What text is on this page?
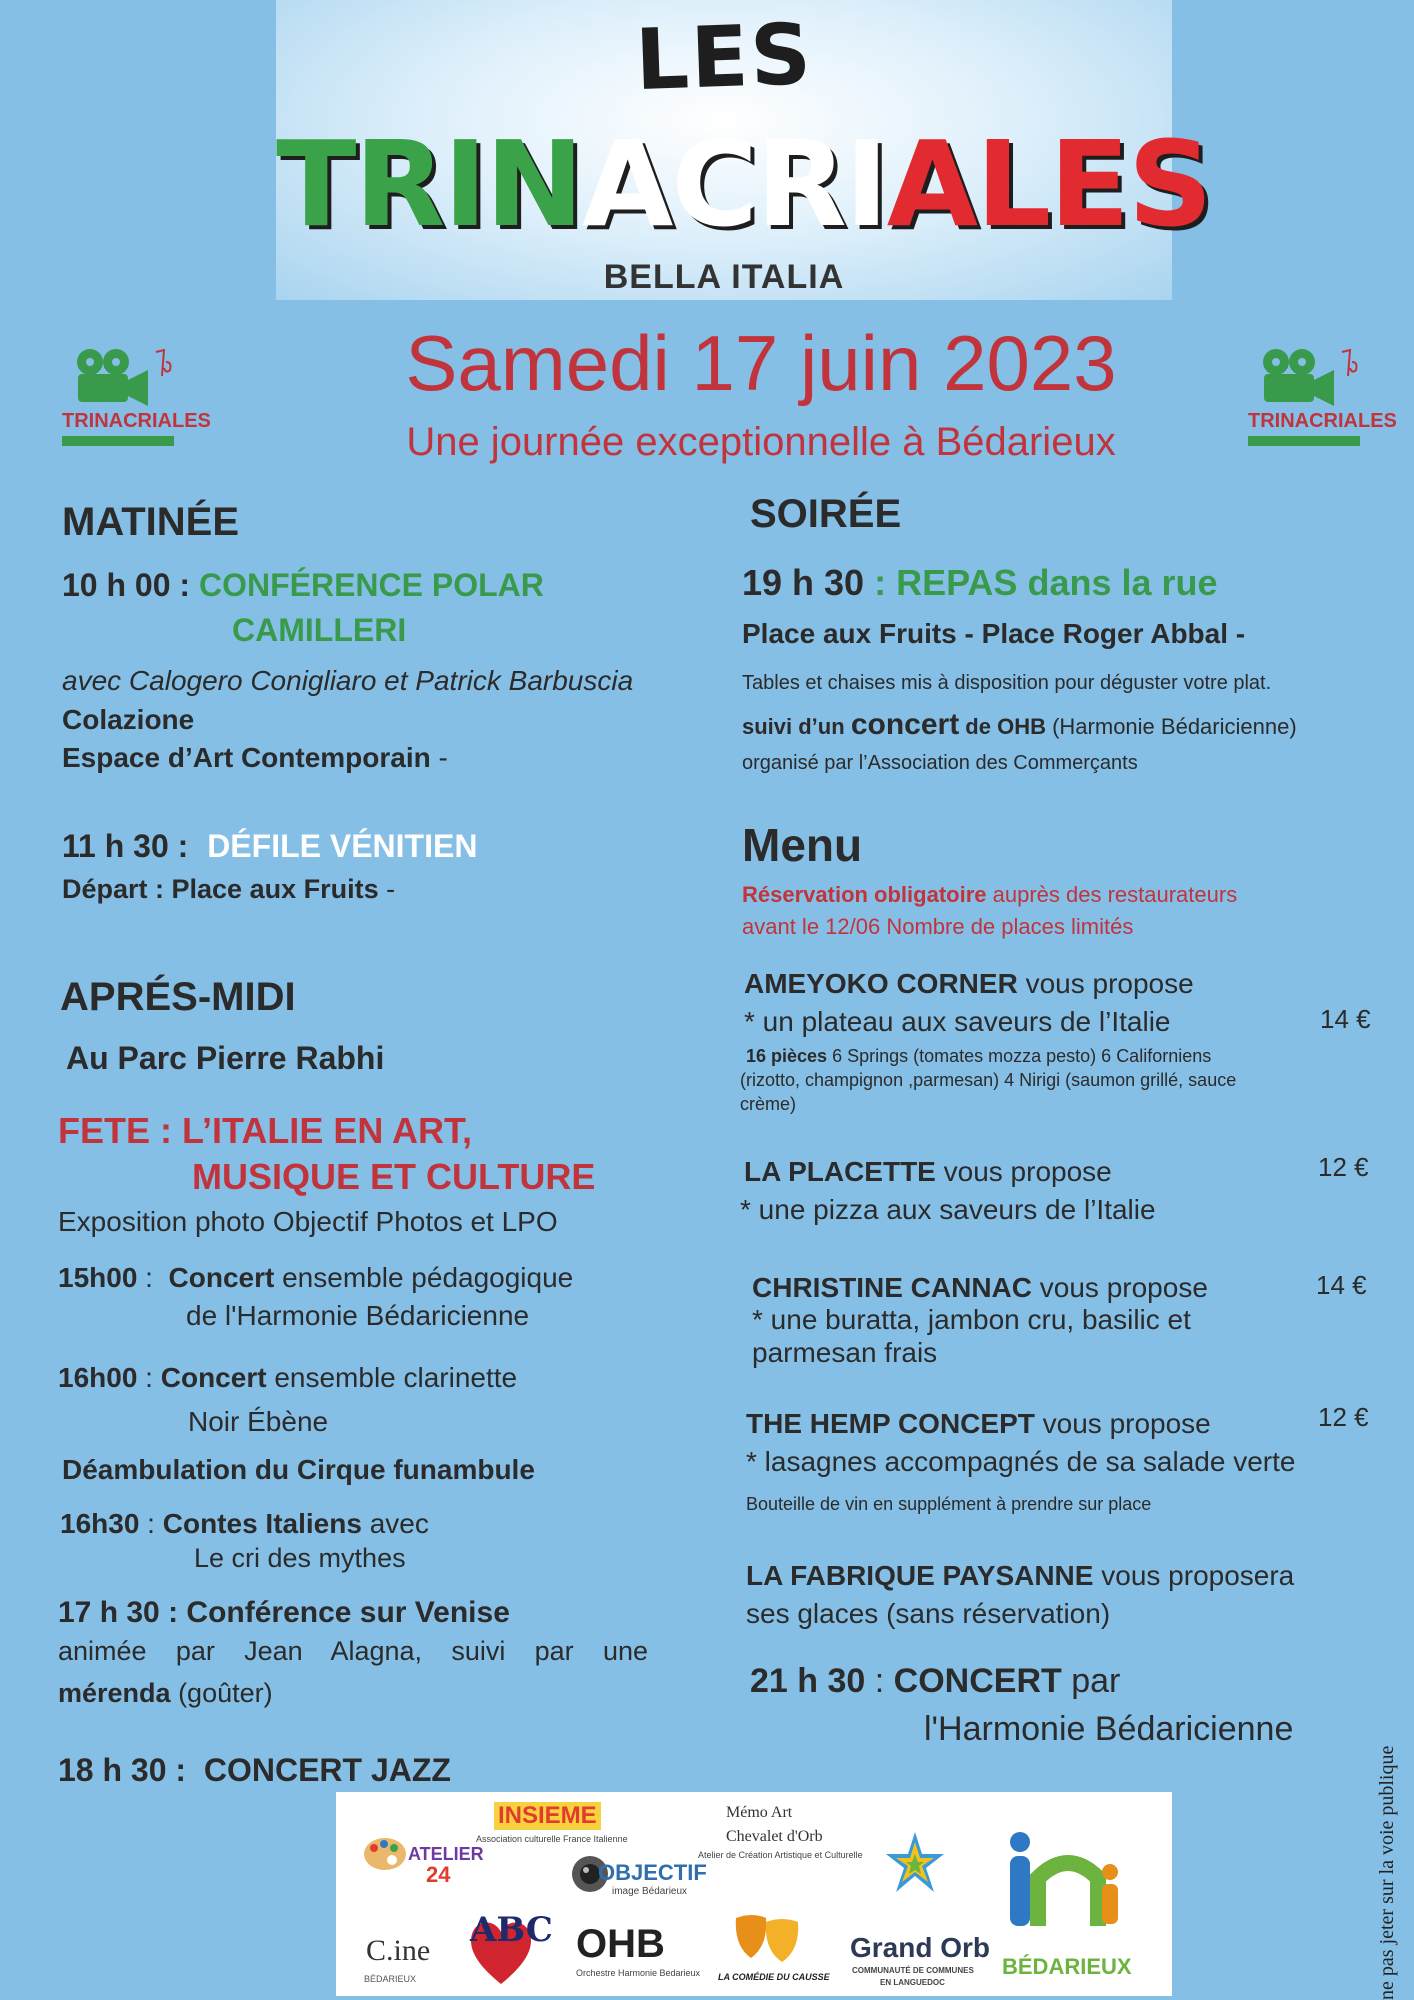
LES
TRINACRIALES
BELLA ITALIA
TRINACRIALES	TRINACRIALES
Samedi 17 juin 2023
Une journée exceptionnelle à Bédarieux
MATINÉE
10 h 00 : CONFÉRENCE POLAR
CAMILLERI
avec Calogero Conigliaro et Patrick Barbuscia
Colazione
Espace d’Art Contemporain -
11 h 30 : DÉFILE VÉNITIEN
Départ : Place aux Fruits -
APRÉS-MIDI
Au Parc Pierre Rabhi
FETE : L’ITALIE EN ART,
MUSIQUE ET CULTURE
Exposition photo Objectif Photos et LPO
15h00 : Concert ensemble pédagogique
de l'Harmonie Bédaricienne
16h00 : Concert ensemble clarinette
Noir Ébène
Déambulation du Cirque funambule
16h30 : Contes Italiens avec
Le cri des mythes
17 h 30 : Conférence sur Venise
animée par Jean Alagna, suivi par une
mérenda (goûter)
18 h 30 : CONCERT JAZZ
SOIRÉE
19 h 30 : REPAS dans la rue
Place aux Fruits - Place Roger Abbal -
Tables et chaises mis à disposition pour déguster votre plat.
suivi d’un concert de OHB (Harmonie Bédaricienne)
organisé par l’Association des Commerçants
Menu
Réservation obligatoire auprès des restaurateurs
avant le 12/06 Nombre de places limités
AMEYOKO CORNER vous propose
* un plateau aux saveurs de l’Italie	14 €
16 pièces 6 Springs (tomates mozza pesto) 6 Californiens
(rizotto, champignon ,parmesan) 4 Nirigi (saumon grillé, sauce
crème)
LA PLACETTE vous propose
* une pizza aux saveurs de l’Italie
12 €
CHRISTINE CANNAC vous propose
* une buratta, jambon cru, basilic et
parmesan frais
14 €
THE HEMP CONCEPT vous propose
* lasagnes accompagnés de sa salade verte
12 €
Bouteille de vin en supplément à prendre sur place
LA FABRIQUE PAYSANNE vous proposera
ses glaces (sans réservation)
21 h 30 : CONCERT par
l'Harmonie Bédaricienne
ne pas jeter sur la voie publique
INSIEME
Association culturelle France Italienne
Mémo Art
Chevalet d'Orb
Atelier de Création Artistique et Culturelle
ATELIER
24	OBJECTIF
image Bédarieux
C.ine
BÉDARIEUX
ABC OHB
Orchestre Harmonie Bedarieux LA COMÉDIE DU CAUSSE
Grand Orb
COMMUNAUTÉ DE COMMUNES
EN LANGUEDOC
BÉDARIEUX
